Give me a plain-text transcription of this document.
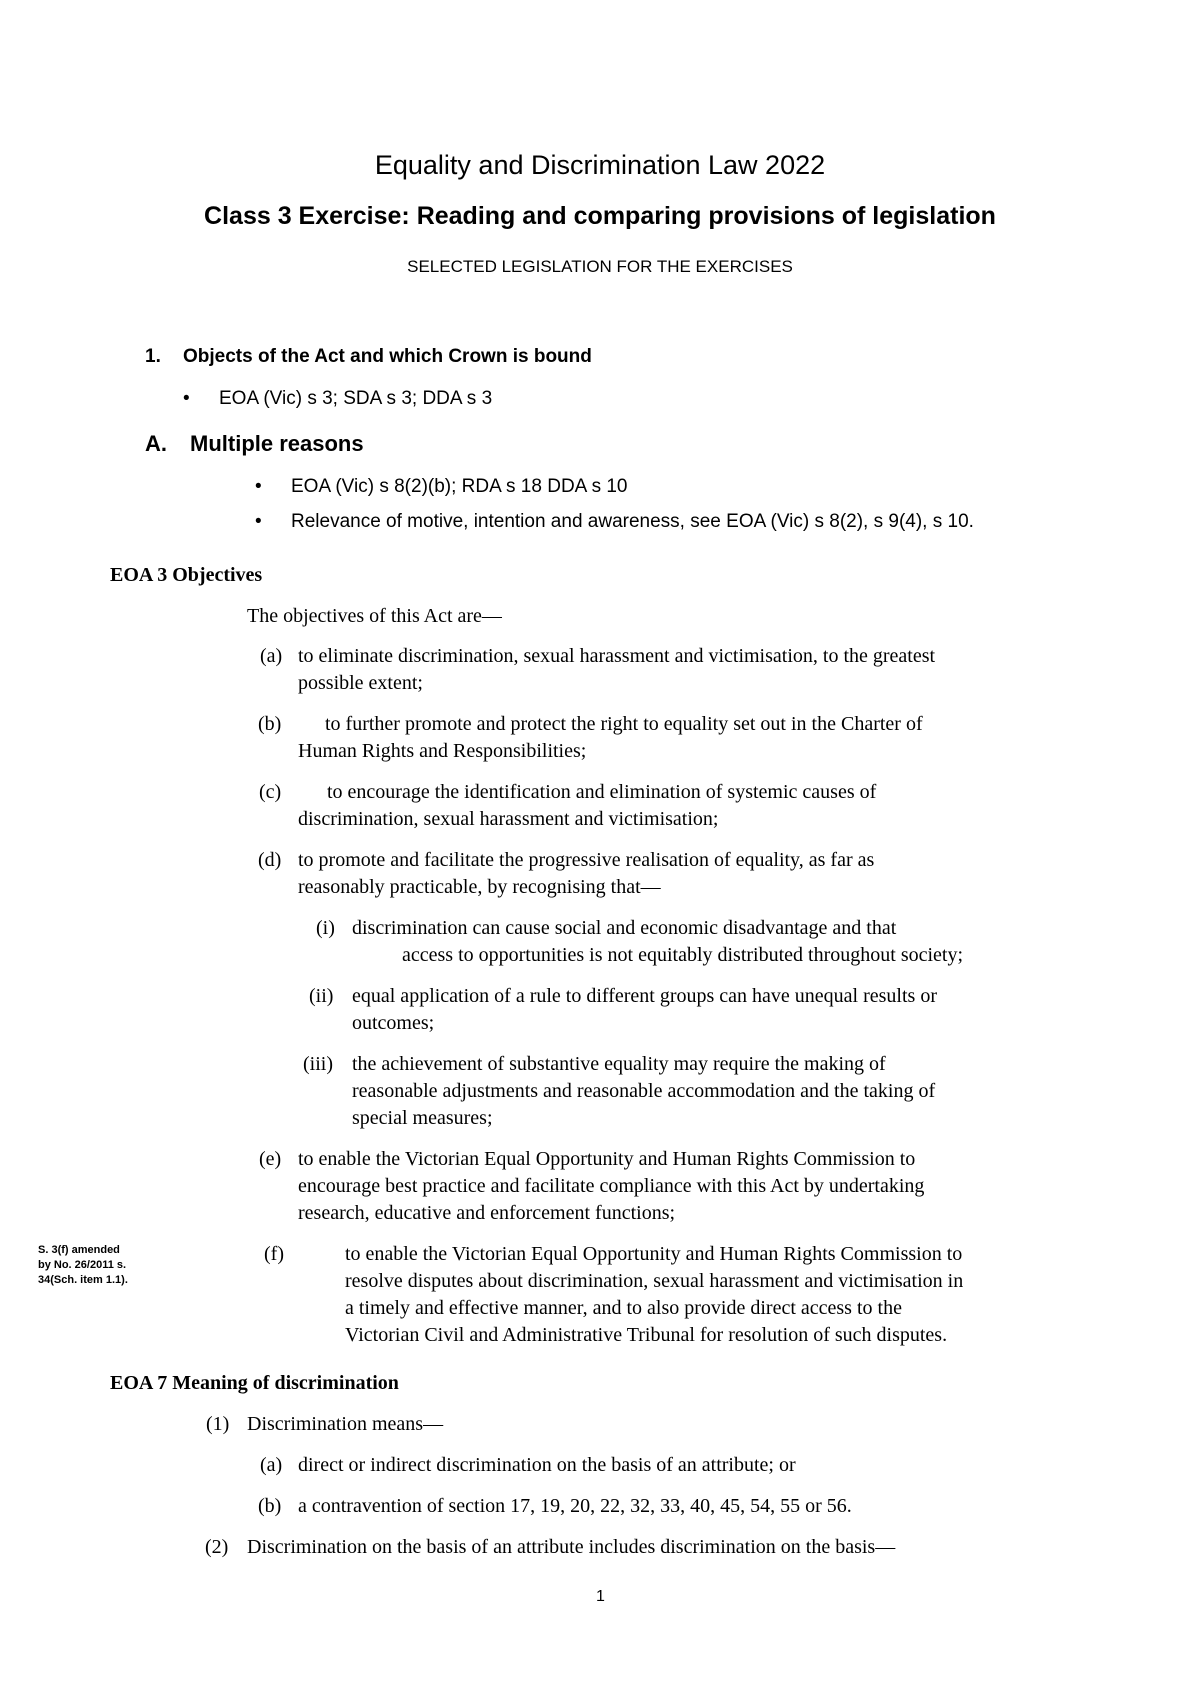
Equality and Discrimination Law 2022
Class 3 Exercise: Reading and comparing provisions of legislation
SELECTED LEGISLATION FOR THE EXERCISES
1. Objects of the Act and which Crown is bound
• EOA (Vic) s 3; SDA s 3; DDA s 3
A. Multiple reasons
• EOA (Vic) s 8(2)(b); RDA s 18 DDA s 10
• Relevance of motive, intention and awareness, see EOA (Vic) s 8(2), s 9(4), s 10.
EOA 3 Objectives
The objectives of this Act are—
(a) to eliminate discrimination, sexual harassment and victimisation, to the greatest
possible extent;
(b) to further promote and protect the right to equality set out in the Charter of
Human Rights and Responsibilities;
(c) to encourage the identification and elimination of systemic causes of
discrimination, sexual harassment and victimisation;
(d) to promote and facilitate the progressive realisation of equality, as far as
reasonably practicable, by recognising that—
(i) discrimination can cause social and economic disadvantage and that
access to opportunities is not equitably distributed throughout society;
(ii) equal application of a rule to different groups can have unequal results or
outcomes;
(iii) the achievement of substantive equality may require the making of
reasonable adjustments and reasonable accommodation and the taking of
special measures;
(e) to enable the Victorian Equal Opportunity and Human Rights Commission to
encourage best practice and facilitate compliance with this Act by undertaking
research, educative and enforcement functions;
S. 3(f) amended by No. 26/2011 s. 34(Sch. item 1.1).
(f)	to enable the Victorian Equal Opportunity and Human Rights Commission to
resolve disputes about discrimination, sexual harassment and victimisation in
a timely and effective manner, and to also provide direct access to the
Victorian Civil and Administrative Tribunal for resolution of such disputes.
EOA 7 Meaning of discrimination
(1) Discrimination means—
(a) direct or indirect discrimination on the basis of an attribute; or
(b) a contravention of section 17, 19, 20, 22, 32, 33, 40, 45, 54, 55 or 56.
(2) Discrimination on the basis of an attribute includes discrimination on the basis—
1
